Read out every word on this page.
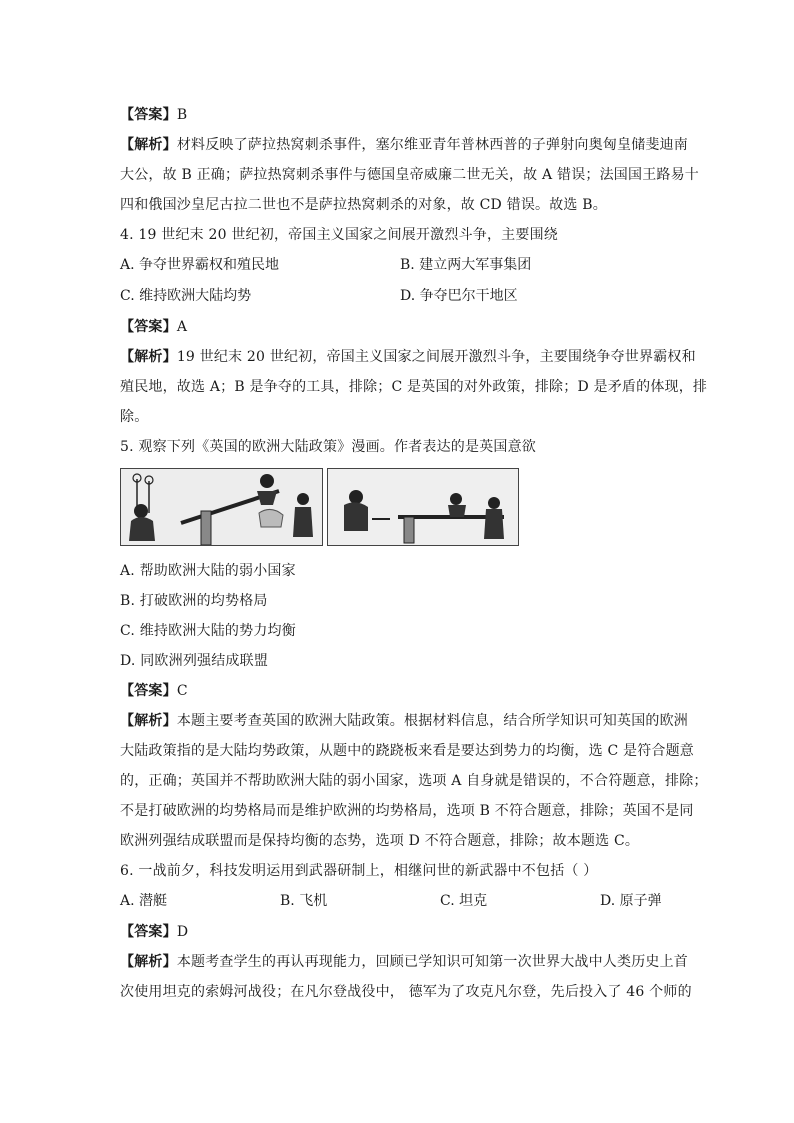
【答案】B
【解析】材料反映了萨拉热窝刺杀事件，塞尔维亚青年普林西普的子弹射向奥匈皇储斐迪南
大公，故 B 正确；萨拉热窝刺杀事件与德国皇帝威廉二世无关，故 A 错误；法国国王路易十
四和俄国沙皇尼古拉二世也不是萨拉热窝刺杀的对象，故 CD 错误。故选 B。
4. 19 世纪末 20 世纪初，帝国主义国家之间展开激烈斗争，主要围绕
A. 争夺世界霸权和殖民地	B. 建立两大军事集团
C. 维持欧洲大陆均势	D. 争夺巴尔干地区
【答案】A
【解析】19 世纪末 20 世纪初，帝国主义国家之间展开激烈斗争，主要围绕争夺世界霸权和
殖民地，故选 A；B 是争夺的工具，排除；C 是英国的对外政策，排除；D 是矛盾的体现，排
除。
5. 观察下列《英国的欧洲大陆政策》漫画。作者表达的是英国意欲
A. 帮助欧洲大陆的弱小国家
B. 打破欧洲的均势格局
C. 维持欧洲大陆的势力均衡
D. 同欧洲列强结成联盟
【答案】C
【解析】本题主要考查英国的欧洲大陆政策。根据材料信息，结合所学知识可知英国的欧洲
大陆政策指的是大陆均势政策，从题中的跷跷板来看是要达到势力的均衡，选 C 是符合题意
的，正确；英国并不帮助欧洲大陆的弱小国家，选项 A 自身就是错误的，不合符题意，排除；
不是打破欧洲的均势格局而是维护欧洲的均势格局，选项 B 不符合题意，排除；英国不是同
欧洲列强结成联盟而是保持均衡的态势，选项 D 不符合题意，排除；故本题选 C。
6. 一战前夕，科技发明运用到武器研制上，相继问世的新武器中不包括（ ）
A. 潜艇	B. 飞机	C. 坦克	D. 原子弹
【答案】D
【解析】本题考查学生的再认再现能力，回顾已学知识可知第一次世界大战中人类历史上首
次使用坦克的索姆河战役；在凡尔登战役中， 德军为了攻克凡尔登，先后投入了 46 个师的
